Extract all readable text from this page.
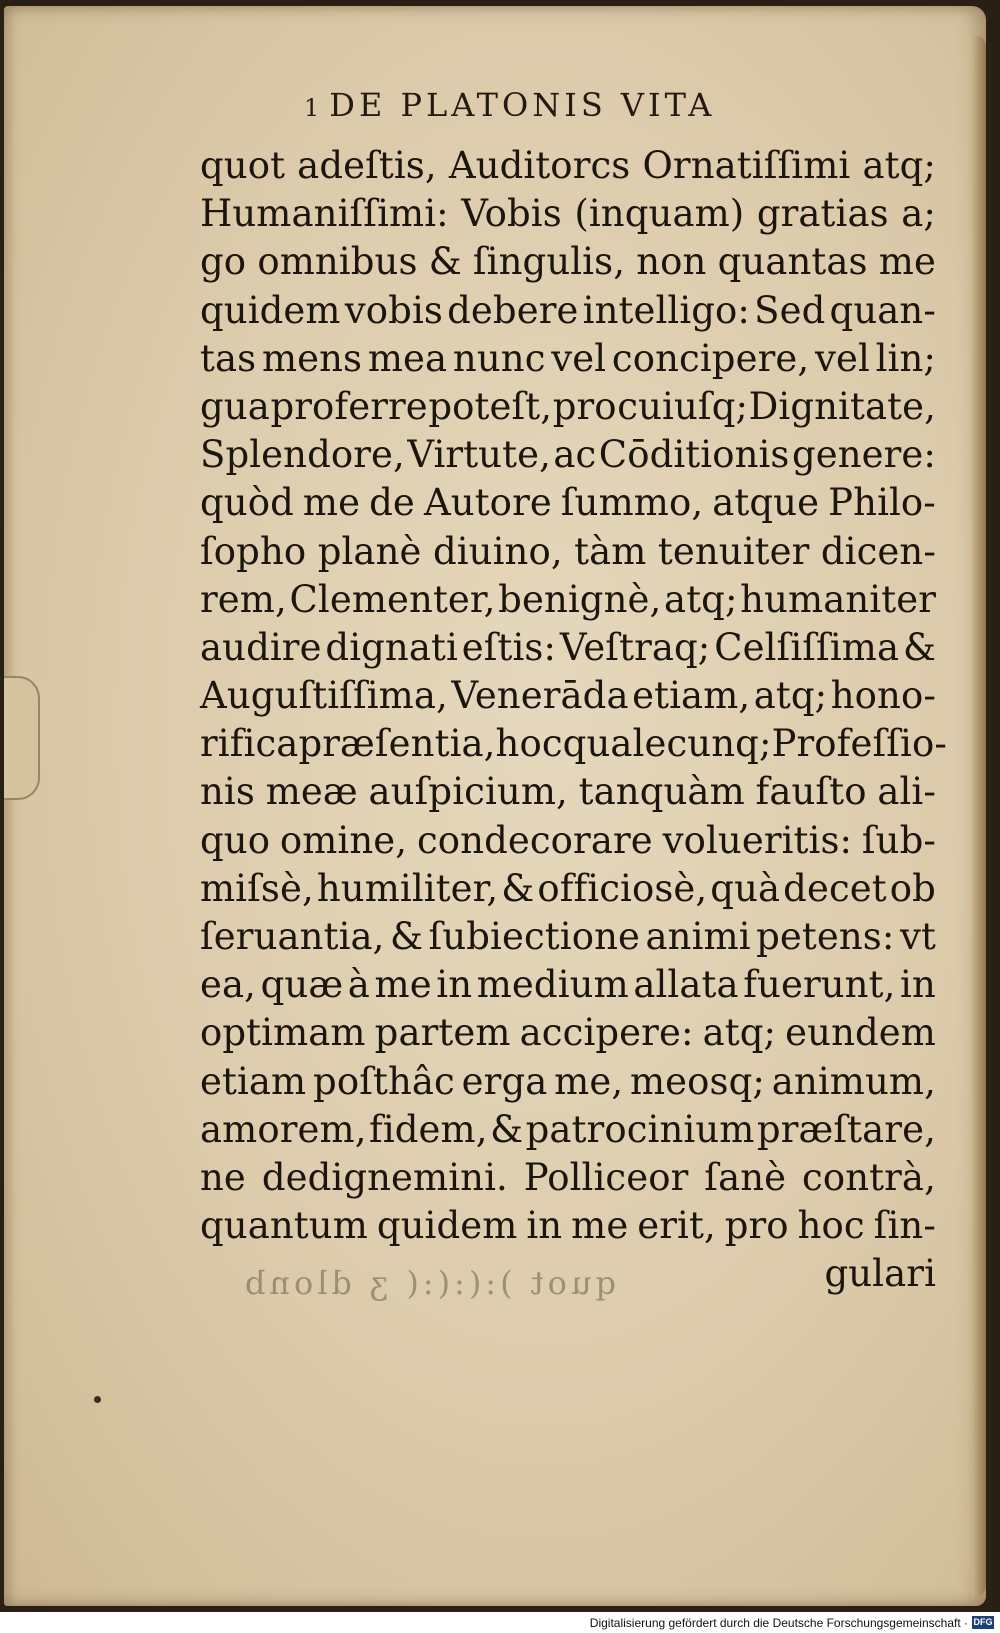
1 DE PLATONIS VITA
quot adeſtis, Auditorcs Ornatiſſimi atq;
Humaniſſimi: Vobis (inquam) gratias a;
go omnibus & ſingulis, non quantas me
quidem vobis debere intelligo: Sed quan-
tas mens mea nunc vel concipere, vel lin;
gua proferre poteſt, pro cuiuſq; Dignitate,
Splendore, Virtute, ac Cōditionis genere:
quòd me de Autore ſummo, atque Philo-
ſopho planè diuino, tàm tenuiter dicen-
rem, Clementer, benignè, atq; humaniter
audire dignati eſtis: Veſtraq; Celſiſſima &
Auguſtiſſima, Venerāda etiam, atq; hono-
rifica præſentia, hoc qualecunq; Profeſſio-
nis meæ auſpicium, tanquàm fauſto ali-
quo omine, condecorare volueritis: ſub-
miſsè, humiliter, & officiosè, quà decet ob
ſeruantia, & ſubiectione animi petens: vt
ea, quæ à me in medium allata fuerunt, in
optimam partem accipere: atq; eundem
etiam poſthâc erga me, meosq; animum,
amorem, fidem, & patrocinium præſtare,
ne dedignemini. Polliceor ſanè contrà,
quantum quidem in me erit, pro hoc ſin-
gulari
quot ):(:(:( ʒ dlonb
Digitalisierung gefördert durch die Deutsche Forschungsgemeinschaft · DFG
